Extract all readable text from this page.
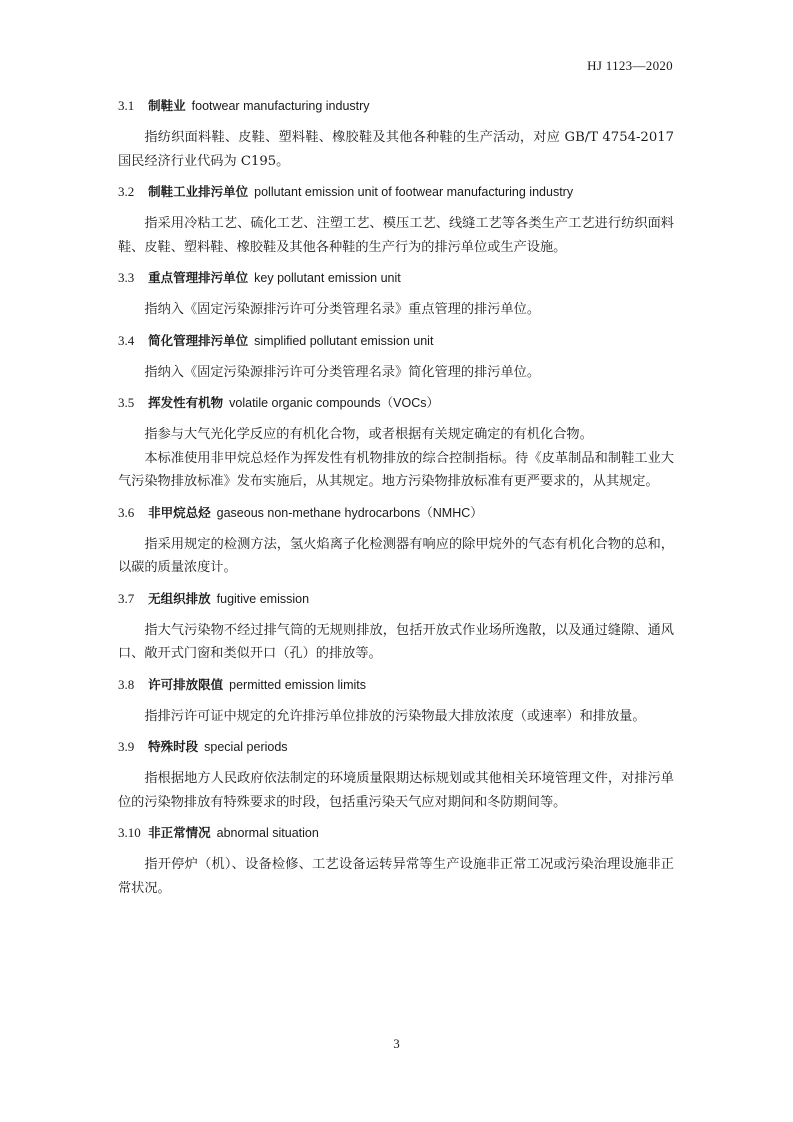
HJ 1123—2020

3.1 制鞋业 footwear manufacturing industry

指纺织面料鞋、皮鞋、塑料鞋、橡胶鞋及其他各种鞋的生产活动，对应 GB/T 4754-2017 国民经济行业代码为 C195。

3.2 制鞋工业排污单位 pollutant emission unit of footwear manufacturing industry

指采用冷粘工艺、硫化工艺、注塑工艺、模压工艺、线缝工艺等各类生产工艺进行纺织面料鞋、皮鞋、塑料鞋、橡胶鞋及其他各种鞋的生产行为的排污单位或生产设施。

3.3 重点管理排污单位 key pollutant emission unit

指纳入《固定污染源排污许可分类管理名录》重点管理的排污单位。

3.4 简化管理排污单位 simplified pollutant emission unit

指纳入《固定污染源排污许可分类管理名录》简化管理的排污单位。

3.5 挥发性有机物 volatile organic compounds（VOCs）

指参与大气光化学反应的有机化合物，或者根据有关规定确定的有机化合物。

本标准使用非甲烷总烃作为挥发性有机物排放的综合控制指标。待《皮革制品和制鞋工业大气污染物排放标准》发布实施后，从其规定。地方污染物排放标准有更严要求的，从其规定。

3.6 非甲烷总烃 gaseous non-methane hydrocarbons（NMHC）

指采用规定的检测方法，氢火焰离子化检测器有响应的除甲烷外的气态有机化合物的总和，以碳的质量浓度计。

3.7 无组织排放 fugitive emission

指大气污染物不经过排气筒的无规则排放，包括开放式作业场所逸散，以及通过缝隙、通风口、敞开式门窗和类似开口（孔）的排放等。

3.8 许可排放限值 permitted emission limits

指排污许可证中规定的允许排污单位排放的污染物最大排放浓度（或速率）和排放量。

3.9 特殊时段 special periods

指根据地方人民政府依法制定的环境质量限期达标规划或其他相关环境管理文件，对排污单位的污染物排放有特殊要求的时段，包括重污染天气应对期间和冬防期间等。

3.10 非正常情况 abnormal situation

指开停炉（机）、设备检修、工艺设备运转异常等生产设施非正常工况或污染治理设施非正常状况。

3
